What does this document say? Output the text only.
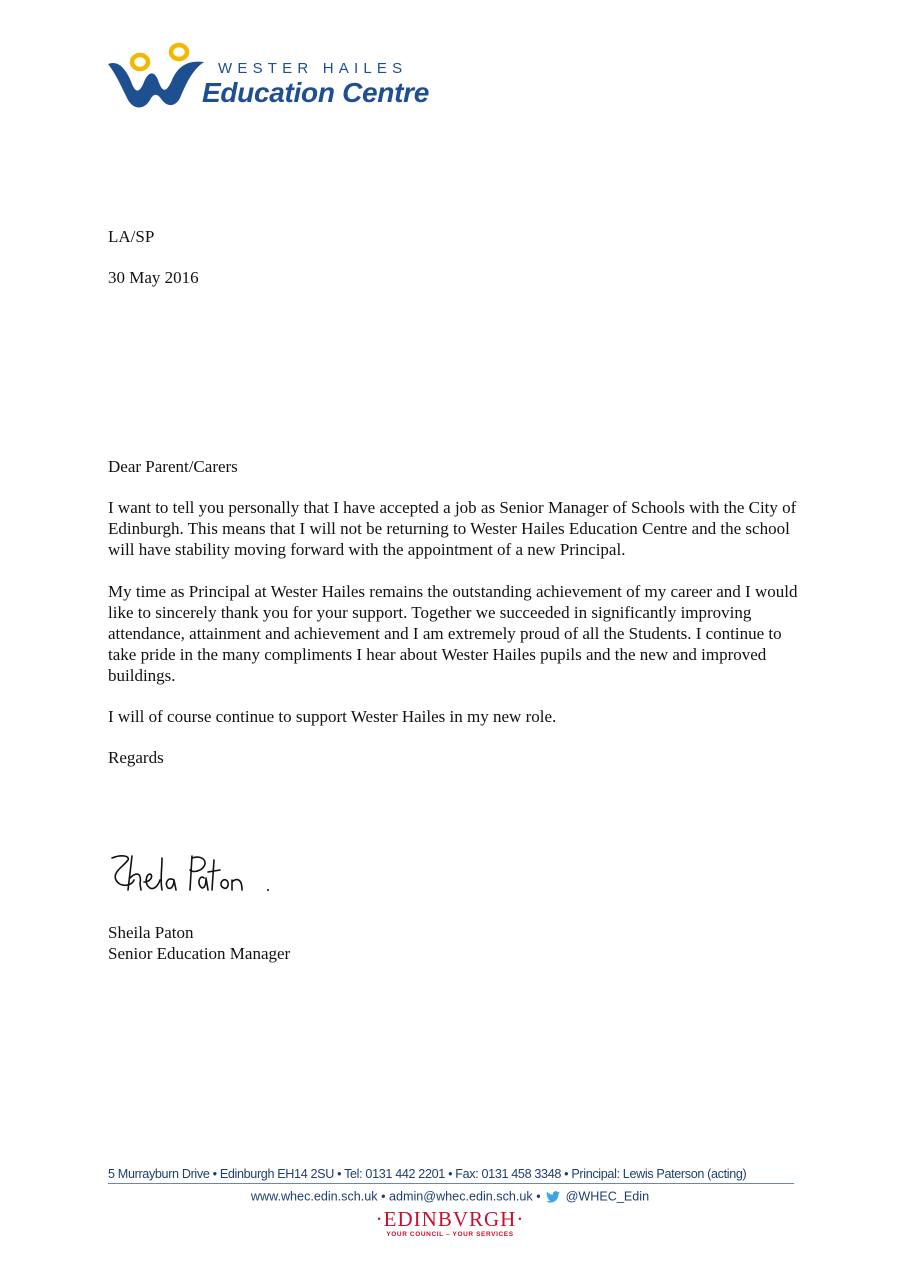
WESTER HAILES
Education Centre
LA/SP
30 May 2016
Dear Parent/Carers
I want to tell you personally that I have accepted a job as Senior Manager of Schools with the City of Edinburgh. This means that I will not be returning to Wester Hailes Education Centre and the school will have stability moving forward with the appointment of a new Principal.
My time as Principal at Wester Hailes remains the outstanding achievement of my career and I would like to sincerely thank you for your support. Together we succeeded in significantly improving attendance, attainment and achievement and I am extremely proud of all the Students. I continue to take pride in the many compliments I hear about Wester Hailes pupils and the new and improved buildings.
I will of course continue to support Wester Hailes in my new role.
Regards
Sheila Paton
Senior Education Manager
5 Murrayburn Drive • Edinburgh EH14 2SU • Tel: 0131 442 2201 • Fax: 0131 458 3348 • Principal: Lewis Paterson (acting)
www.whec.edin.sch.uk • admin@whec.edin.sch.uk • @WHEC_Edin
·EDINBVRGH·
YOUR COUNCIL – YOUR SERVICES
